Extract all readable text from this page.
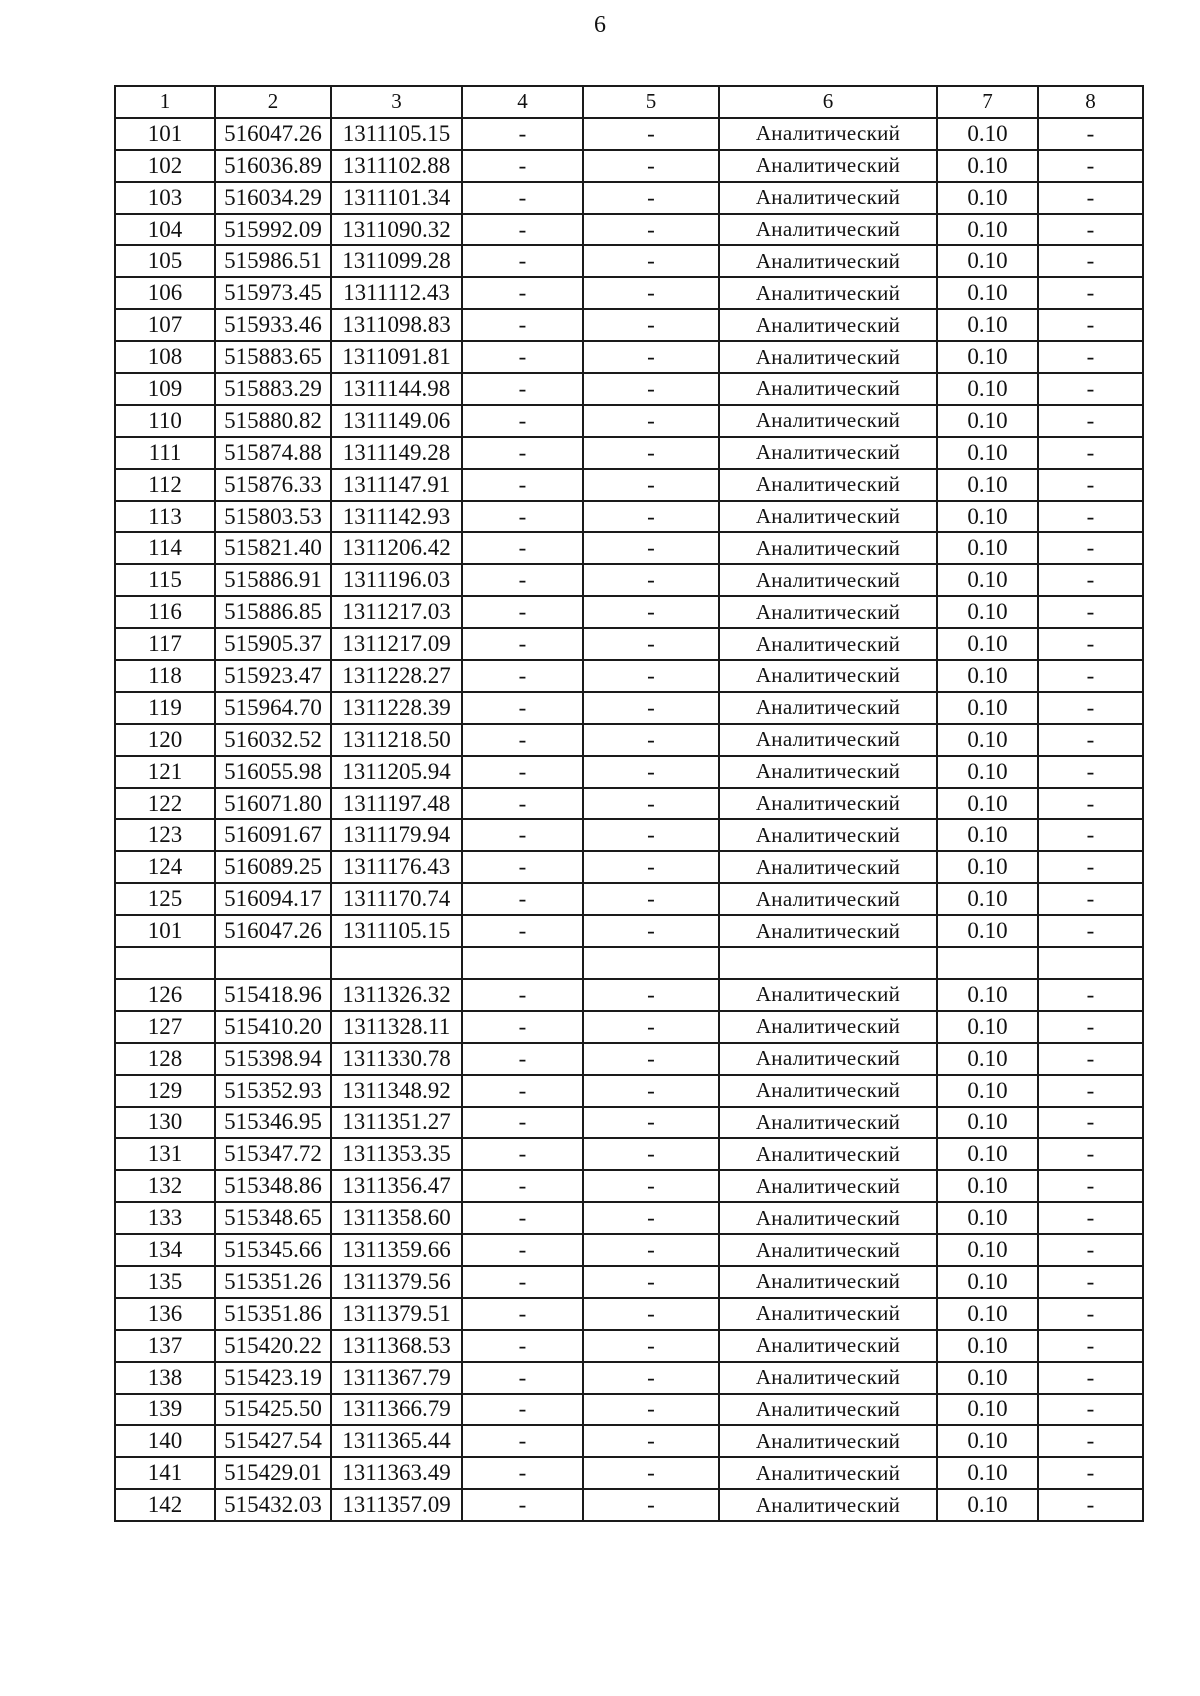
6
1	2	3	4	5	6	7	8
101	516047.26	1311105.15	-	-	Аналитический	0.10	-
102	516036.89	1311102.88	-	-	Аналитический	0.10	-
103	516034.29	1311101.34	-	-	Аналитический	0.10	-
104	515992.09	1311090.32	-	-	Аналитический	0.10	-
105	515986.51	1311099.28	-	-	Аналитический	0.10	-
106	515973.45	1311112.43	-	-	Аналитический	0.10	-
107	515933.46	1311098.83	-	-	Аналитический	0.10	-
108	515883.65	1311091.81	-	-	Аналитический	0.10	-
109	515883.29	1311144.98	-	-	Аналитический	0.10	-
110	515880.82	1311149.06	-	-	Аналитический	0.10	-
111	515874.88	1311149.28	-	-	Аналитический	0.10	-
112	515876.33	1311147.91	-	-	Аналитический	0.10	-
113	515803.53	1311142.93	-	-	Аналитический	0.10	-
114	515821.40	1311206.42	-	-	Аналитический	0.10	-
115	515886.91	1311196.03	-	-	Аналитический	0.10	-
116	515886.85	1311217.03	-	-	Аналитический	0.10	-
117	515905.37	1311217.09	-	-	Аналитический	0.10	-
118	515923.47	1311228.27	-	-	Аналитический	0.10	-
119	515964.70	1311228.39	-	-	Аналитический	0.10	-
120	516032.52	1311218.50	-	-	Аналитический	0.10	-
121	516055.98	1311205.94	-	-	Аналитический	0.10	-
122	516071.80	1311197.48	-	-	Аналитический	0.10	-
123	516091.67	1311179.94	-	-	Аналитический	0.10	-
124	516089.25	1311176.43	-	-	Аналитический	0.10	-
125	516094.17	1311170.74	-	-	Аналитический	0.10	-
101	516047.26	1311105.15	-	-	Аналитический	0.10	-

126	515418.96	1311326.32	-	-	Аналитический	0.10	-
127	515410.20	1311328.11	-	-	Аналитический	0.10	-
128	515398.94	1311330.78	-	-	Аналитический	0.10	-
129	515352.93	1311348.92	-	-	Аналитический	0.10	-
130	515346.95	1311351.27	-	-	Аналитический	0.10	-
131	515347.72	1311353.35	-	-	Аналитический	0.10	-
132	515348.86	1311356.47	-	-	Аналитический	0.10	-
133	515348.65	1311358.60	-	-	Аналитический	0.10	-
134	515345.66	1311359.66	-	-	Аналитический	0.10	-
135	515351.26	1311379.56	-	-	Аналитический	0.10	-
136	515351.86	1311379.51	-	-	Аналитический	0.10	-
137	515420.22	1311368.53	-	-	Аналитический	0.10	-
138	515423.19	1311367.79	-	-	Аналитический	0.10	-
139	515425.50	1311366.79	-	-	Аналитический	0.10	-
140	515427.54	1311365.44	-	-	Аналитический	0.10	-
141	515429.01	1311363.49	-	-	Аналитический	0.10	-
142	515432.03	1311357.09	-	-	Аналитический	0.10	-
